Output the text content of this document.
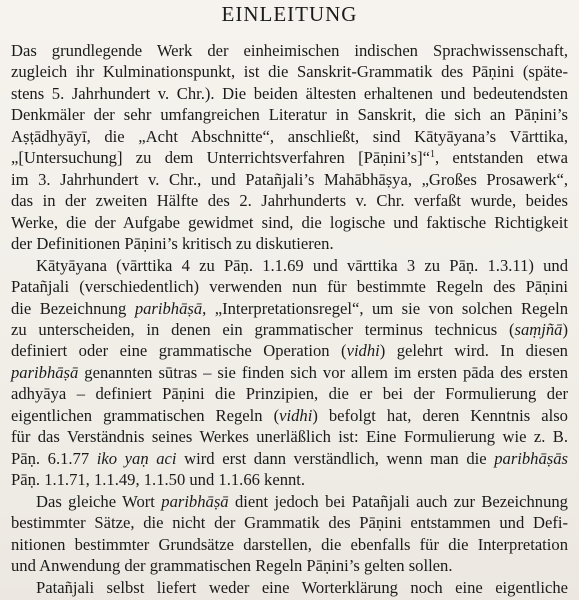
EINLEITUNG
Das grundlegende Werk der einheimischen indischen Sprachwissenschaft,
zugleich ihr Kulminationspunkt, ist die Sanskrit-Grammatik des Pāṇini (späte-
stens 5. Jahrhundert v. Chr.). Die beiden ältesten erhaltenen und bedeutendsten
Denkmäler der sehr umfangreichen Literatur in Sanskrit, die sich an Pāṇini’s
Aṣṭādhyāyī, die „Acht Abschnitte“, anschließt, sind Kātyāyana’s Vārttika,
„[Untersuchung] zu dem Unterrichtsverfahren [Pāṇini’s]“$^1$, entstanden etwa
im 3. Jahrhundert v. Chr., und Patañjali’s Mahābhāṣya, „Großes Prosawerk“,
das in der zweiten Hälfte des 2. Jahrhunderts v. Chr. verfaßt wurde, beides
Werke, die der Aufgabe gewidmet sind, die logische und faktische Richtigkeit
der Definitionen Pāṇini’s kritisch zu diskutieren.
Kātyāyana (vārttika 4 zu Pāṇ. 1.1.69 und vārttika 3 zu Pāṇ. 1.3.11) und
Patañjali (verschiedentlich) verwenden nun für bestimmte Regeln des Pāṇini
die Bezeichnung paribhāṣā, „Interpretationsregel“, um sie von solchen Regeln
zu unterscheiden, in denen ein grammatischer terminus technicus (saṃjñā)
definiert oder eine grammatische Operation (vidhi) gelehrt wird. In diesen
paribhāṣā genannten sūtras – sie finden sich vor allem im ersten pāda des ersten
adhyāya – definiert Pāṇini die Prinzipien, die er bei der Formulierung der
eigentlichen grammatischen Regeln (vidhi) befolgt hat, deren Kenntnis also
für das Verständnis seines Werkes unerläßlich ist: Eine Formulierung wie z. B.
Pāṇ. 6.1.77 iko yaṇ aci wird erst dann verständlich, wenn man die paribhāṣās
Pāṇ. 1.1.71, 1.1.49, 1.1.50 und 1.1.66 kennt.
Das gleiche Wort paribhāṣā dient jedoch bei Patañjali auch zur Bezeichnung
bestimmter Sätze, die nicht der Grammatik des Pāṇini entstammen und Defi-
nitionen bestimmter Grundsätze darstellen, die ebenfalls für die Interpretation
und Anwendung der grammatischen Regeln Pāṇini’s gelten sollen.
Patañjali selbst liefert weder eine Worterklärung noch eine eigentliche
